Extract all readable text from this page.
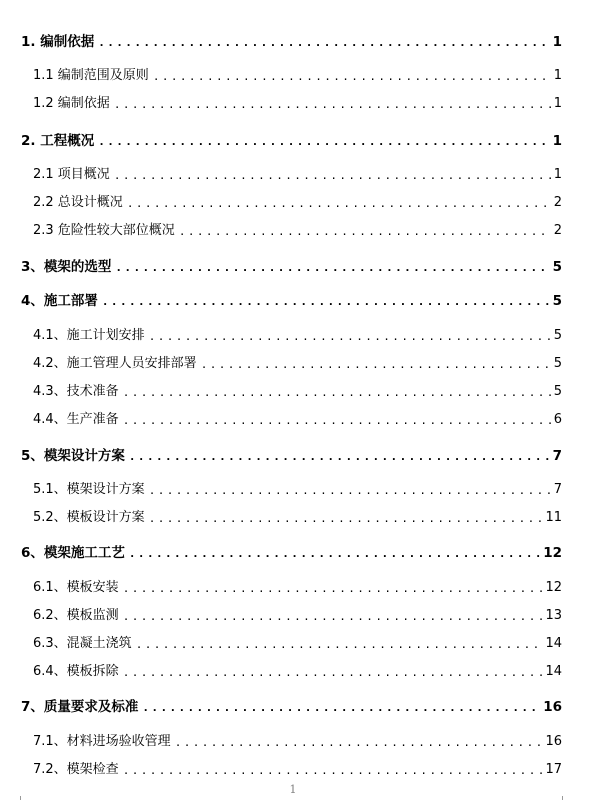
1. 编制依据 .....	1
1.1 编制范围及原则 .....	1
1.2 编制依据 .....	1
2. 工程概况 .....	1
2.1 项目概况 .....	1
2.2 总设计概况 .....	2
2.3 危险性较大部位概况 .....	2
3、模架的选型 .....	5
4、施工部署 .....	5
4.1、施工计划安排 .....	5
4.2、施工管理人员安排部署 .....	5
4.3、技术准备 .....	5
4.4、生产准备 .....	6
5、模架设计方案 .....	7
5.1、模架设计方案 .....	7
5.2、模板设计方案 .....	11
6、模架施工工艺 .....	12
6.1、模板安装 .....	12
6.2、模板监测 .....	13
6.3、混凝土浇筑 .....	14
6.4、模板拆除 .....	14
7、质量要求及标准 .....	16
7.1、材料进场验收管理 .....	16
7.2、模架检查 .....	17
1
